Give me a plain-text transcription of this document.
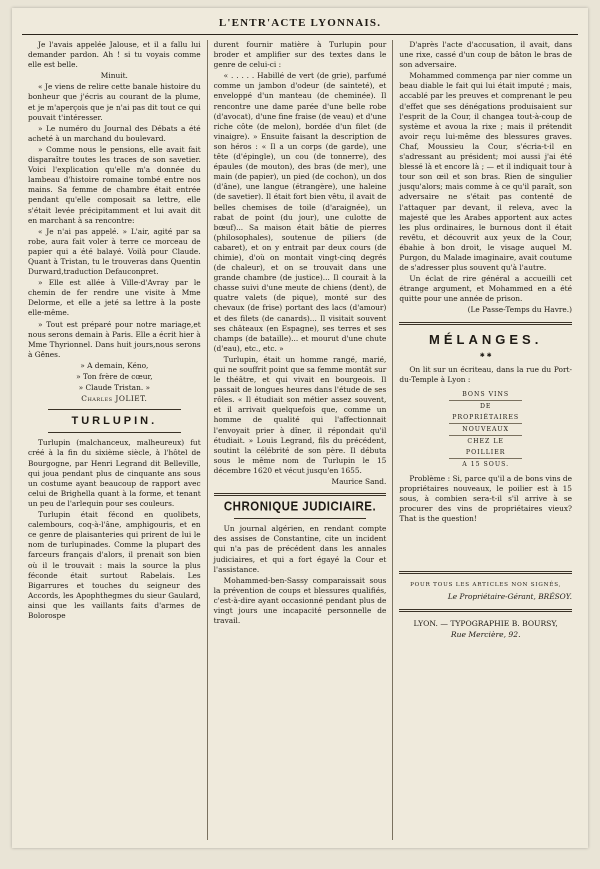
L'ENTR'ACTE LYONNAIS.

Je l'avais appelée Jalouse, et il a fallu lui demander pardon. Ah ! si tu voyais comme elle est belle.

Minuit.

« Je viens de relire cette banale histoire du bonheur que j'écris au courant de la plume, et je m'aperçois que je n'ai pas dit tout ce qui pouvait t'intéresser.

» Le numéro du Journal des Débats a été acheté à un marchand du boulevard.

» Comme nous le pensions, elle avait fait disparaître toutes les traces de son savetier. Voici l'explication qu'elle m'a donnée du lambeau d'histoire romaine tombé entre nos mains. Sa femme de chambre était entrée pendant qu'elle composait sa lettre, elle s'était levée précipitamment et lui avait dit en marchant à sa rencontre:

« Je n'ai pas appelé. » L'air, agité par sa robe, aura fait voler à terre ce morceau de papier qui a été balayé. Voilà pour Claude. Quant à Tristan, tu le trouveras dans Quentin Durward,traduction Defauconpret.

» Elle est allée à Ville-d'Avray par le chemin de fer rendre une visite à Mme Delorme, et elle a jeté sa lettre à la poste elle-même.

» Tout est préparé pour notre mariage,et nous serons demain à Paris. Elle a écrit hier à Mme Thyrionnel. Dans huit jours,nous serons à Gênes.

» A demain, Kéno,

» Ton frère de cœur,

» Claude Tristan. »

Charles JOLIET.
TURLUPIN.

Turlupin (malchanceux, malheureux) fut créé à la fin du sixième siècle, à l'hôtel de Bourgogne, par Henri Legrand dit Belleville, qui joua pendant plus de cinquante ans sous un costume ayant beaucoup de rapport avec celui de Brighella quant à la forme, et tenant un peu de l'arlequin pour ses couleurs.

Turlupin était fécond en quolibets, calembours, coq-à-l'âne, amphigouris, et en ce genre de plaisanteries qui prirent de lui le nom de turlupinades. Comme la plupart des farceurs français d'alors, il prenait son bien où il le trouvait : mais la source la plus féconde était surtout Rabelais. Les Bigarrures et touches du seigneur des Accords, les Apophthegmes du sieur Gaulard, ainsi que les vaillants faits d'armes de Bolorospe

durent fournir matière à Turlupin pour broder et amplifier sur des textes dans le genre de celui-ci :

« . . . . . Habillé de vert (de grie), parfumé comme un jambon d'odeur (de sainteté), et enveloppé d'un manteau (de cheminée). Il rencontre une dame parée d'une belle robe (d'avocat), d'une fine fraise (de veau) et d'une riche côte (de melon), bordée d'un filet (de vinaigre). » Ensuite faisant la description de son héros : « Il a un corps (de garde), une tête (d'épingle), un cou (de tonnerre), des épaules (de mouton), des bras (de mer), une main (de papier), un pied (de cochon), un dos (d'âne), une langue (étrangère), une haleine (de savetier). Il était fort bien vêtu, il avait de belles chemises de toile (d'araignée), un rabat de point (du jour), une culotte de bœuf)... Sa maison était bâtie de pierres (philosophales), soutenue de piliers (de cabaret), et on y entrait par deux cours (de chimie), d'où on montait vingt-cinq degrés (de chaleur), et on se trouvait dans une grande chambre (de justice)... Il courait à la chasse suivi d'une meute de chiens (dent), de quatre valets (de pique), monté sur des chevaux (de frise) portant des lacs (d'amour) et des filets (de canards)... Il visitait souvent ses châteaux (en Espagne), ses terres et ses champs (de bataille)... et mourut d'une chute (d'eau), etc., etc. »

Turlupin, était un homme rangé, marié, qui ne souffrit point que sa femme montât sur le théâtre, et qui vivait en bourgeois. Il passait de longues heures dans l'étude de ses rôles. « Il étudiait son métier assez souvent, et il arrivait quelquefois que, comme un homme de qualité qui l'affectionnait l'envoyait prier à dîner, il répondait qu'il étudiait. » Louis Legrand, fils du précédent, soutint la célébrité de son père. Il débuta sous le même nom de Turlupin le 15 décembre 1620 et vécut jusqu'en 1655.

Maurice Sand.
CHRONIQUE JUDICIAIRE.

Un journal algérien, en rendant compte des assises de Constantine, cite un incident qui n'a pas de précédent dans les annales judiciaires, et qui a fort égayé la Cour et l'assistance.

Mohammed-ben-Sassy comparaissait sous la prévention de coups et blessures qualifiés, c'est-à-dire ayant occasionné pendant plus de vingt jours une incapacité personnelle de travail.

D'après l'acte d'accusation, il avait, dans une rixe, cassé d'un coup de bâton le bras de son adversaire.

Mohammed commença par nier comme un beau diable le fait qui lui était imputé ; mais, accablé par les preuves et comprenant le peu d'effet que ses dénégations produisaient sur l'esprit de la Cour, il changea tout-à-coup de système et avoua la rixe ; mais il prétendit avoir reçu lui-même des blessures graves. Chaf, Moussieu la Cour, s'écria-t-il en s'adressant au président; moi aussi j'ai été blessé là et encore là ; — et il indiquait tour à tour son œil et son bras. Rien de singulier jusqu'alors; mais comme à ce qu'il paraît, son adversaire ne s'était pas contenté de l'attaquer par devant, il releva, avec la majesté que les Arabes apportent aux actes les plus ordinaires, le burnous dont il était revêtu, et découvrit aux yeux de la Cour, ébahie à bon droit, le visage auquel M. Purgon, du Malade imaginaire, avait coutume de s'adresser plus souvent qu'à l'autre.

Un éclat de rire général a accueilli cet étrange argument, et Mohammed en a été quitte pour une année de prison.

(Le Passe-Temps du Havre.)
MÉLANGES.
✱ ✱

On lit sur un écriteau, dans la rue du Port-du-Temple à Lyon :

BONS VINS
DE PROPRIÉTAIRES
NOUVEAUX
CHEZ LE POILLIER
A 15 SOUS.

Problème : Si, parce qu'il a de bons vins de propriétaires nouveaux, le poilier est à 15 sous, à combien sera-t-il s'il arrive à se procurer des vins de propriétaires vieux? That is the question!

POUR TOUS LES ARTICLES NON SIGNÉS,
Le Propriétaire-Gérant, BRÉSOY.
LYON. — TYPOGRAPHIE B. BOURSY,
Rue Mercière, 92.
